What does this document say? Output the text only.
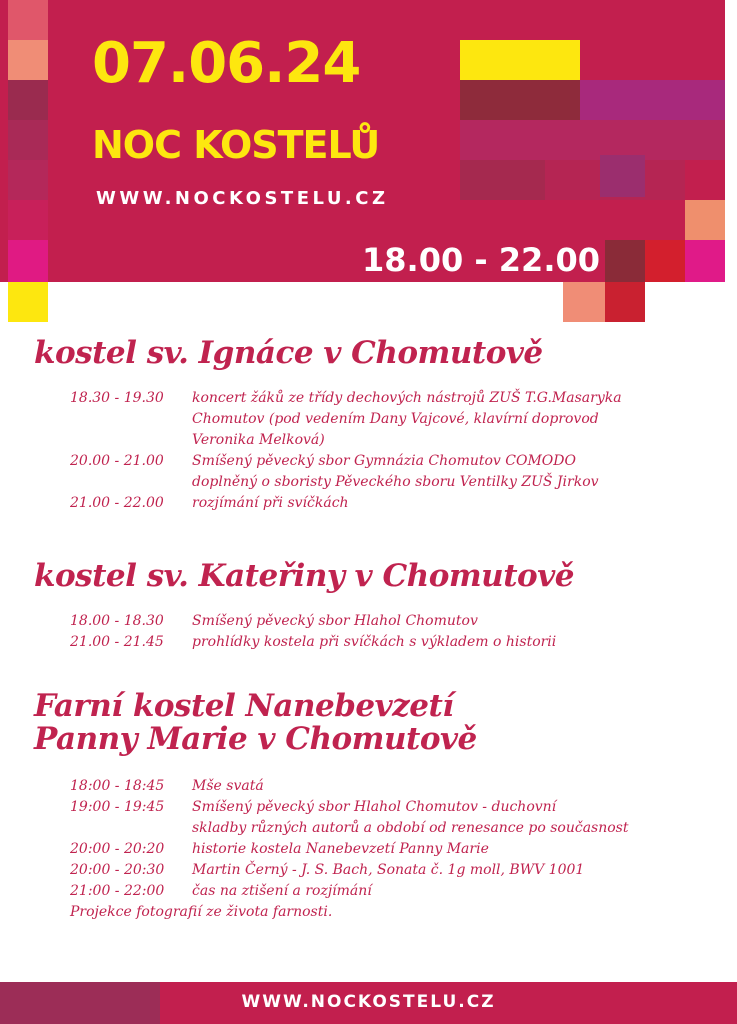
07.06.24
NOC KOSTELŮ
WWW.NOCKOSTELU.CZ
18.00 - 22.00
kostel sv. Ignáce v Chomutově
18.30 - 19.30	koncert žáků ze třídy dechových nástrojů ZUŠ T.G.Masaryka
Chomutov (pod vedením Dany Vajcové, klavírní doprovod
Veronika Melková)
20.00 - 21.00	Smíšený pěvecký sbor Gymnázia Chomutov COMODO
doplněný o sboristy Pěveckého sboru Ventilky ZUŠ Jirkov
21.00 - 22.00	rozjímání při svíčkách
kostel sv. Kateřiny v Chomutově
18.00 - 18.30	Smíšený pěvecký sbor Hlahol Chomutov
21.00 - 21.45	prohlídky kostela při svíčkách s výkladem o historii
Farní kostel Nanebevzetí
Panny Marie v Chomutově
18:00 - 18:45	Mše svatá
19:00 - 19:45	Smíšený pěvecký sbor Hlahol Chomutov - duchovní
skladby různých autorů a období od renesance po současnost
20:00 - 20:20	historie kostela Nanebevzetí Panny Marie
20:00 - 20:30	Martin Černý - J. S. Bach, Sonata č. 1g moll, BWV 1001
21:00 - 22:00	čas na ztišení a rozjímání
Projekce fotografií ze života farnosti.
WWW.NOCKOSTELU.CZ
